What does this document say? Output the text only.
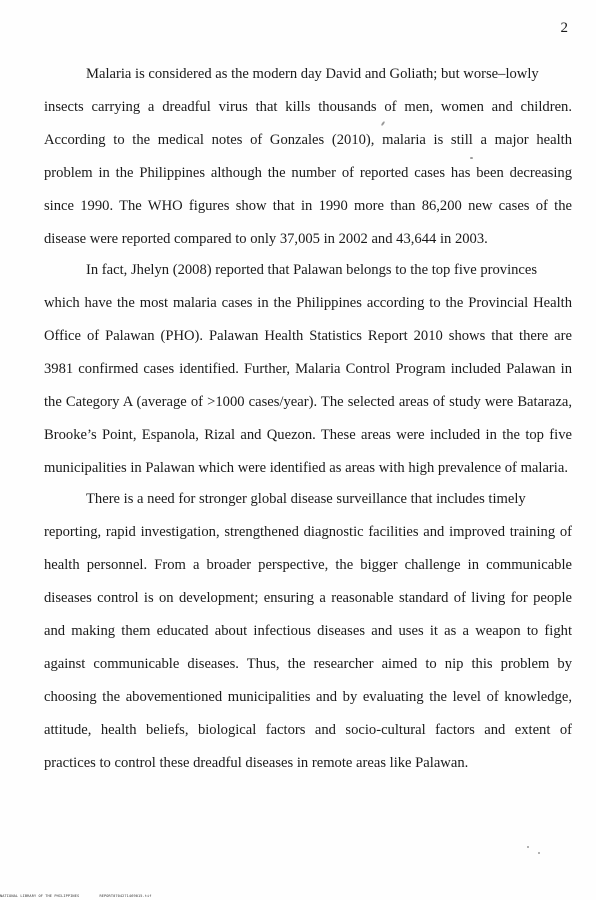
2
Malaria is considered as the modern day David and Goliath; but worse–lowly
insects carrying a dreadful virus that kills thousands of men, women and children.
According to the medical notes of Gonzales (2010), malaria is still a major health
problem in the Philippines although the number of reported cases has been decreasing
since 1990. The WHO figures show that in 1990 more than 86,200 new cases of the
disease were reported compared to only 37,005 in 2002 and 43,644 in 2003.
In fact, Jhelyn (2008) reported that Palawan belongs to the top five provinces
which have the most malaria cases in the Philippines according to the Provincial Health
Office of Palawan (PHO). Palawan Health Statistics Report 2010 shows that there are
3981 confirmed cases identified. Further, Malaria Control Program included Palawan in
the Category A (average of >1000 cases/year). The selected areas of study were Bataraza,
Brooke’s Point, Espanola, Rizal and Quezon. These areas were included in the top five
municipalities in Palawan which were identified as areas with high prevalence of malaria.
There is a need for stronger global disease surveillance that includes timely
reporting, rapid investigation, strengthened diagnostic facilities and improved training of
health personnel. From a broader perspective, the bigger challenge in communicable
diseases control is on development; ensuring a reasonable standard of living for people
and making them educated about infectious diseases and uses it as a weapon to fight
against communicable diseases. Thus, the researcher aimed to nip this problem by
choosing the abovementioned municipalities and by evaluating the level of knowledge,
attitude, health beliefs, biological factors and socio-cultural factors and extent of
practices to control these dreadful diseases in remote areas like Palawan.
NATIONAL LIBRARY OF THE PHILIPPINES	REPORT0704271469015.tif
